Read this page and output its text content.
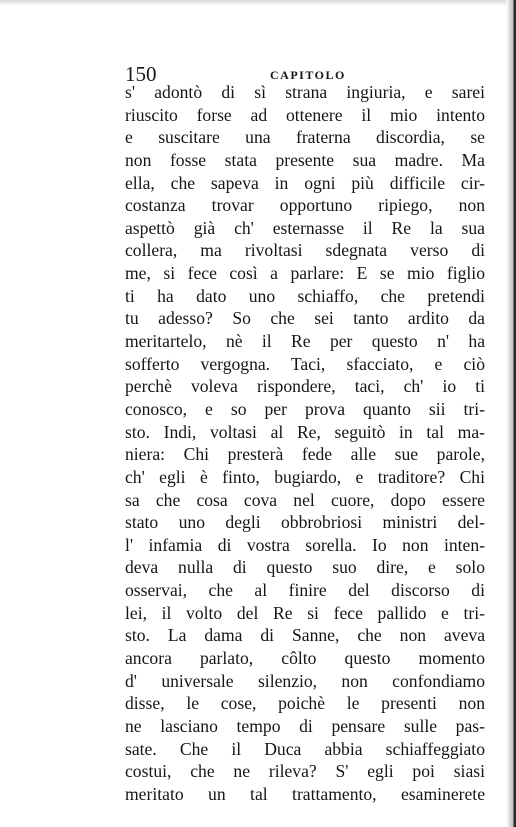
150	CAPITOLO
s' adontò di sì strana ingiuria, e sarei
riuscito forse ad ottenere il mio intento
e suscitare una fraterna discordia, se
non fosse stata presente sua madre. Ma
ella, che sapeva in ogni più difficile cir-
costanza trovar opportuno ripiego, non
aspettò già ch' esternasse il Re la sua
collera, ma rivoltasi sdegnata verso di
me, si fece così a parlare: E se mio figlio
ti ha dato uno schiaffo, che pretendi
tu adesso? So che sei tanto ardito da
meritartelo, nè il Re per questo n' ha
sofferto vergogna. Taci, sfacciato, e ciò
perchè voleva rispondere, taci, ch' io ti
conosco, e so per prova quanto sii tri-
sto. Indi, voltasi al Re, seguitò in tal ma-
niera: Chi presterà fede alle sue parole,
ch' egli è finto, bugiardo, e traditore? Chi
sa che cosa cova nel cuore, dopo essere
stato uno degli obbrobriosi ministri del-
l' infamia di vostra sorella. Io non inten-
deva nulla di questo suo dire, e solo
osservai, che al finire del discorso di
lei, il volto del Re si fece pallido e tri-
sto. La dama di Sanne, che non aveva
ancora parlato, côlto questo momento
d' universale silenzio, non confondiamo
disse, le cose, poichè le presenti non
ne lasciano tempo di pensare sulle pas-
sate. Che il Duca abbia schiaffeggiato
costui, che ne rileva? S' egli poi siasi
meritato un tal trattamento, esaminerete
